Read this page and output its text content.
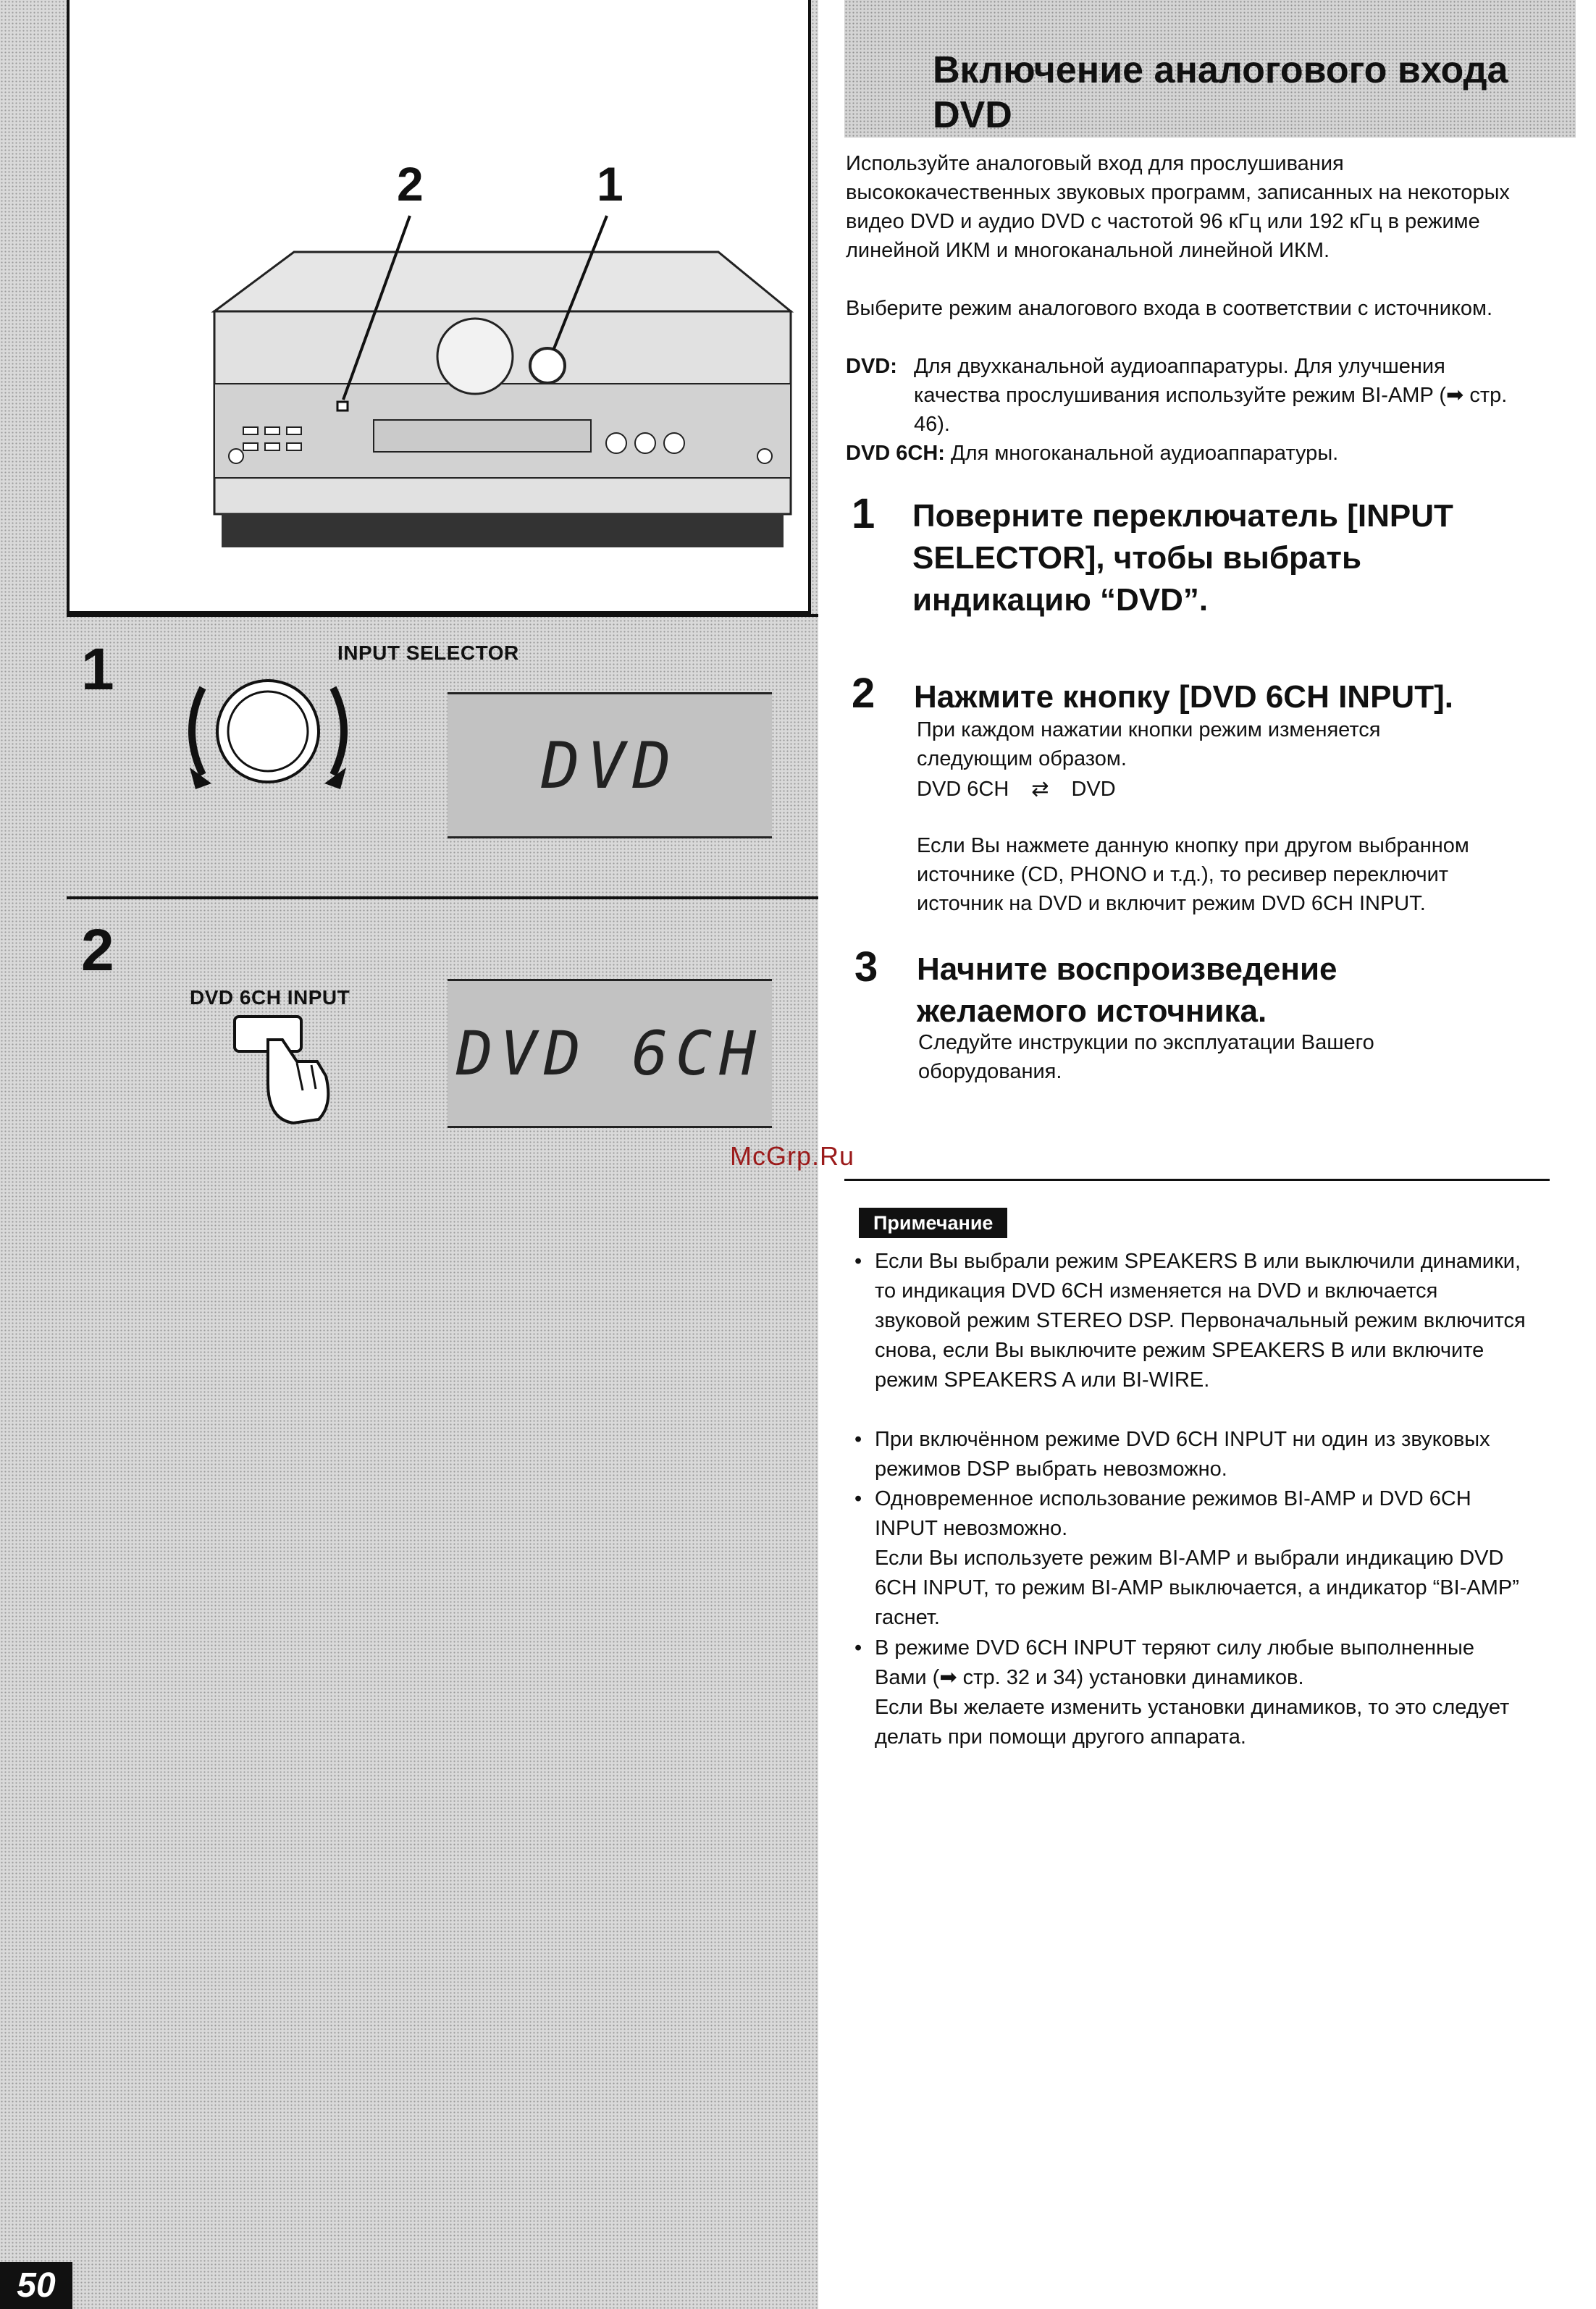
2	1
1	INPUT SELECTOR
DVD
2
DVD 6CH INPUT
DVD 6CH
50
Включение аналогового входа DVD
Используйте аналоговый вход для прослушивания высококачественных звуковых программ, записанных на некоторых видео DVD и аудио DVD с частотой 96 кГц или 192 кГц в режиме линейной ИКМ и многоканальной линейной ИКМ.
Выберите режим аналогового входа в соответствии с источником.
DVD: Для двухканальной аудиоаппаратуры. Для улучшения качества прослушивания используйте режим BI-AMP (➡ стр. 46).
DVD 6CH: Для многоканальной аудиоаппаратуры.
1 Поверните переключатель [INPUT SELECTOR], чтобы выбрать индикацию “DVD”.
2 Нажмите кнопку [DVD 6CH INPUT].
При каждом нажатии кнопки режим изменяется следующим образом.
DVD 6CH ⇄ DVD
Если Вы нажмете данную кнопку при другом выбранном источнике (CD, PHONO и т.д.), то ресивер переключит источник на DVD и включит режим DVD 6CH INPUT.
3 Начните воспроизведение желаемого источника.
Следуйте инструкции по эксплуатации Вашего оборудования.
McGrp.Ru
Примечание
• Если Вы выбрали режим SPEAKERS B или выключили динамики, то индикация DVD 6CH изменяется на DVD и включается звуковой режим STEREO DSP. Первоначальный режим включится снова, если Вы выключите режим SPEAKERS B или включите режим SPEAKERS A или BI-WIRE.
• При включённом режиме DVD 6CH INPUT ни один из звуковых режимов DSP выбрать невозможно.
• Одновременное использование режимов BI-AMP и DVD 6CH INPUT невозможно.
Если Вы используете режим BI-AMP и выбрали индикацию DVD 6CH INPUT, то режим BI-AMP выключается, а индикатор “BI-AMP” гаснет.
• В режиме DVD 6CH INPUT теряют силу любые выполненные Вами (➡ стр. 32 и 34) установки динамиков.
Если Вы желаете изменить установки динамиков, то это следует делать при помощи другого аппарата.
